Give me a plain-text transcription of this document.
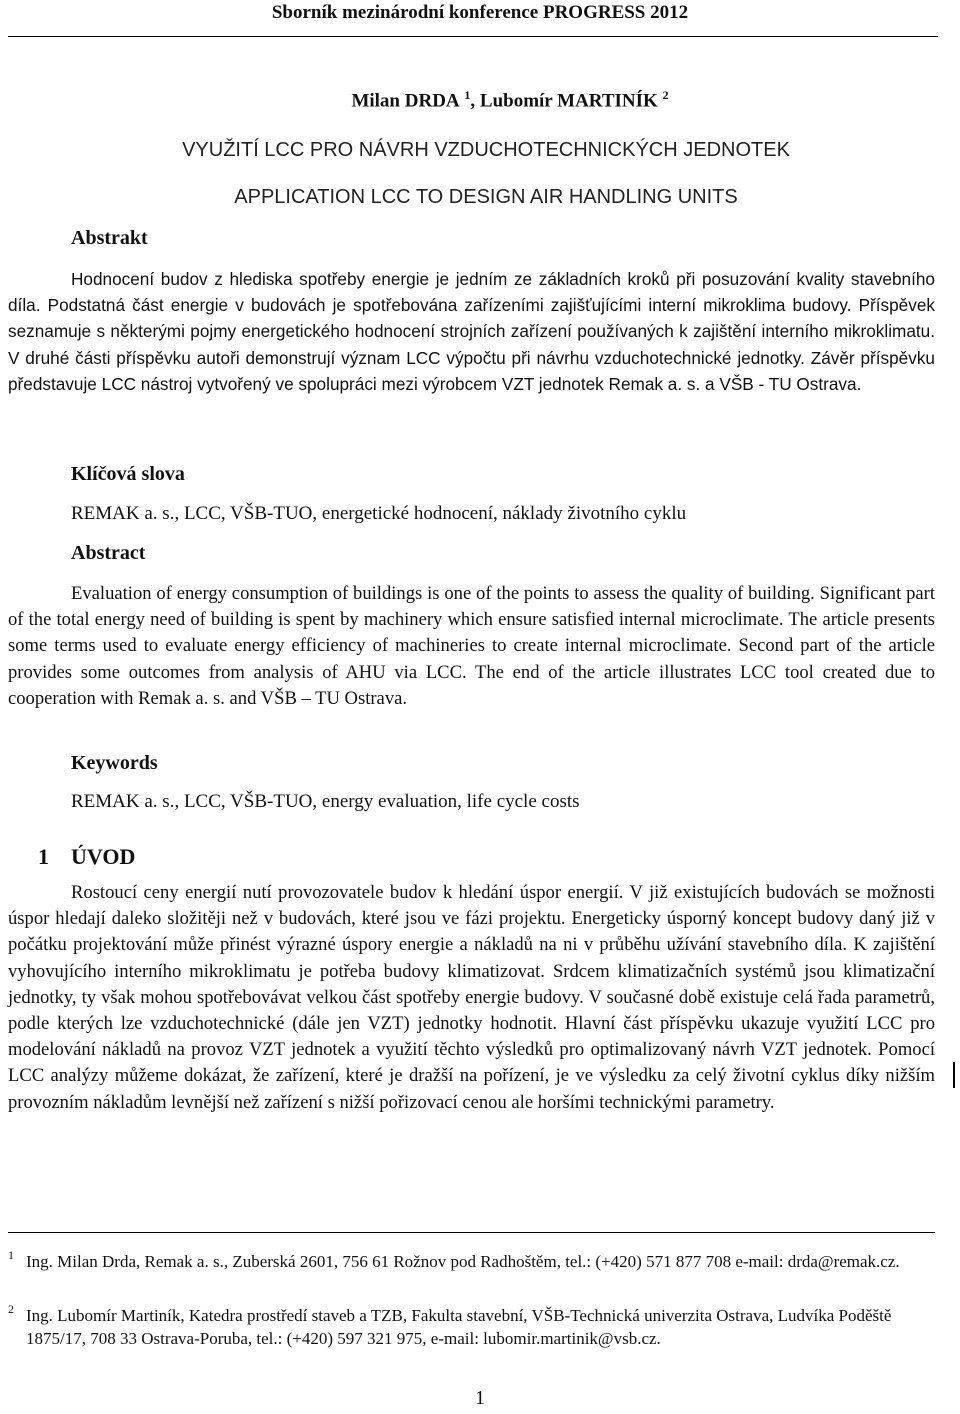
Sborník mezinárodní konference PROGRESS 2012
Milan DRDA $^1$, Lubomír MARTINÍK $^2$
VYUŽITÍ LCC PRO NÁVRH VZDUCHOTECHNICKÝCH JEDNOTEK
APPLICATION LCC TO DESIGN AIR HANDLING UNITS
Abstrakt
Hodnocení budov z hlediska spotřeby energie je jedním ze základních kroků při posuzování kvality stavebního díla. Podstatná část energie v budovách je spotřebována zařízeními zajišťujícími interní mikroklima budovy. Příspěvek seznamuje s některými pojmy energetického hodnocení strojních zařízení používaných k zajištění interního mikroklimatu. V druhé části příspěvku autoři demonstrují význam LCC výpočtu při návrhu vzduchotechnické jednotky. Závěr příspěvku představuje LCC nástroj vytvořený ve spolupráci mezi výrobcem VZT jednotek Remak a. s. a VŠB - TU Ostrava.
Klíčová slova
REMAK a. s., LCC, VŠB-TUO, energetické hodnocení, náklady životního cyklu
Abstract
Evaluation of energy consumption of buildings is one of the points to assess the quality of building. Significant part of the total energy need of building is spent by machinery which ensure satisfied internal microclimate. The article presents some terms used to evaluate energy efficiency of machineries to create internal microclimate. Second part of the article provides some outcomes from analysis of AHU via LCC. The end of the article illustrates LCC tool created due to cooperation with Remak a. s. and VŠB – TU Ostrava.
Keywords
REMAK a. s., LCC, VŠB-TUO, energy evaluation, life cycle costs
1 ÚVOD
Rostoucí ceny energií nutí provozovatele budov k hledání úspor energií. V již existujících budovách se možnosti úspor hledají daleko složitěji než v budovách, které jsou ve fázi projektu. Energeticky úsporný koncept budovy daný již v počátku projektování může přinést výrazné úspory energie a nákladů na ni v průběhu užívání stavebního díla. K zajištění vyhovujícího interního mikroklimatu je potřeba budovy klimatizovat. Srdcem klimatizačních systémů jsou klimatizační jednotky, ty však mohou spotřebovávat velkou část spotřeby energie budovy. V současné době existuje celá řada parametrů, podle kterých lze vzduchotechnické (dále jen VZT) jednotky hodnotit. Hlavní část příspěvku ukazuje využití LCC pro modelování nákladů na provoz VZT jednotek a využití těchto výsledků pro optimalizovaný návrh VZT jednotek. Pomocí LCC analýzy můžeme dokázat, že zařízení, které je dražší na pořízení, je ve výsledku za celý životní cyklus díky nižším provozním nákladům levnější než zařízení s nižší pořizovací cenou ale horšími technickými parametry.
1 Ing. Milan Drda, Remak a. s., Zuberská 2601, 756 61 Rožnov pod Radhoštěm, tel.: (+420) 571 877 708 e-mail: drda@remak.cz.
2 Ing. Lubomír Martiník, Katedra prostředí staveb a TZB, Fakulta stavební, VŠB-Technická univerzita Ostrava, Ludvíka Poděště 1875/17, 708 33 Ostrava-Poruba, tel.: (+420) 597 321 975, e-mail: lubomir.martinik@vsb.cz.
1
